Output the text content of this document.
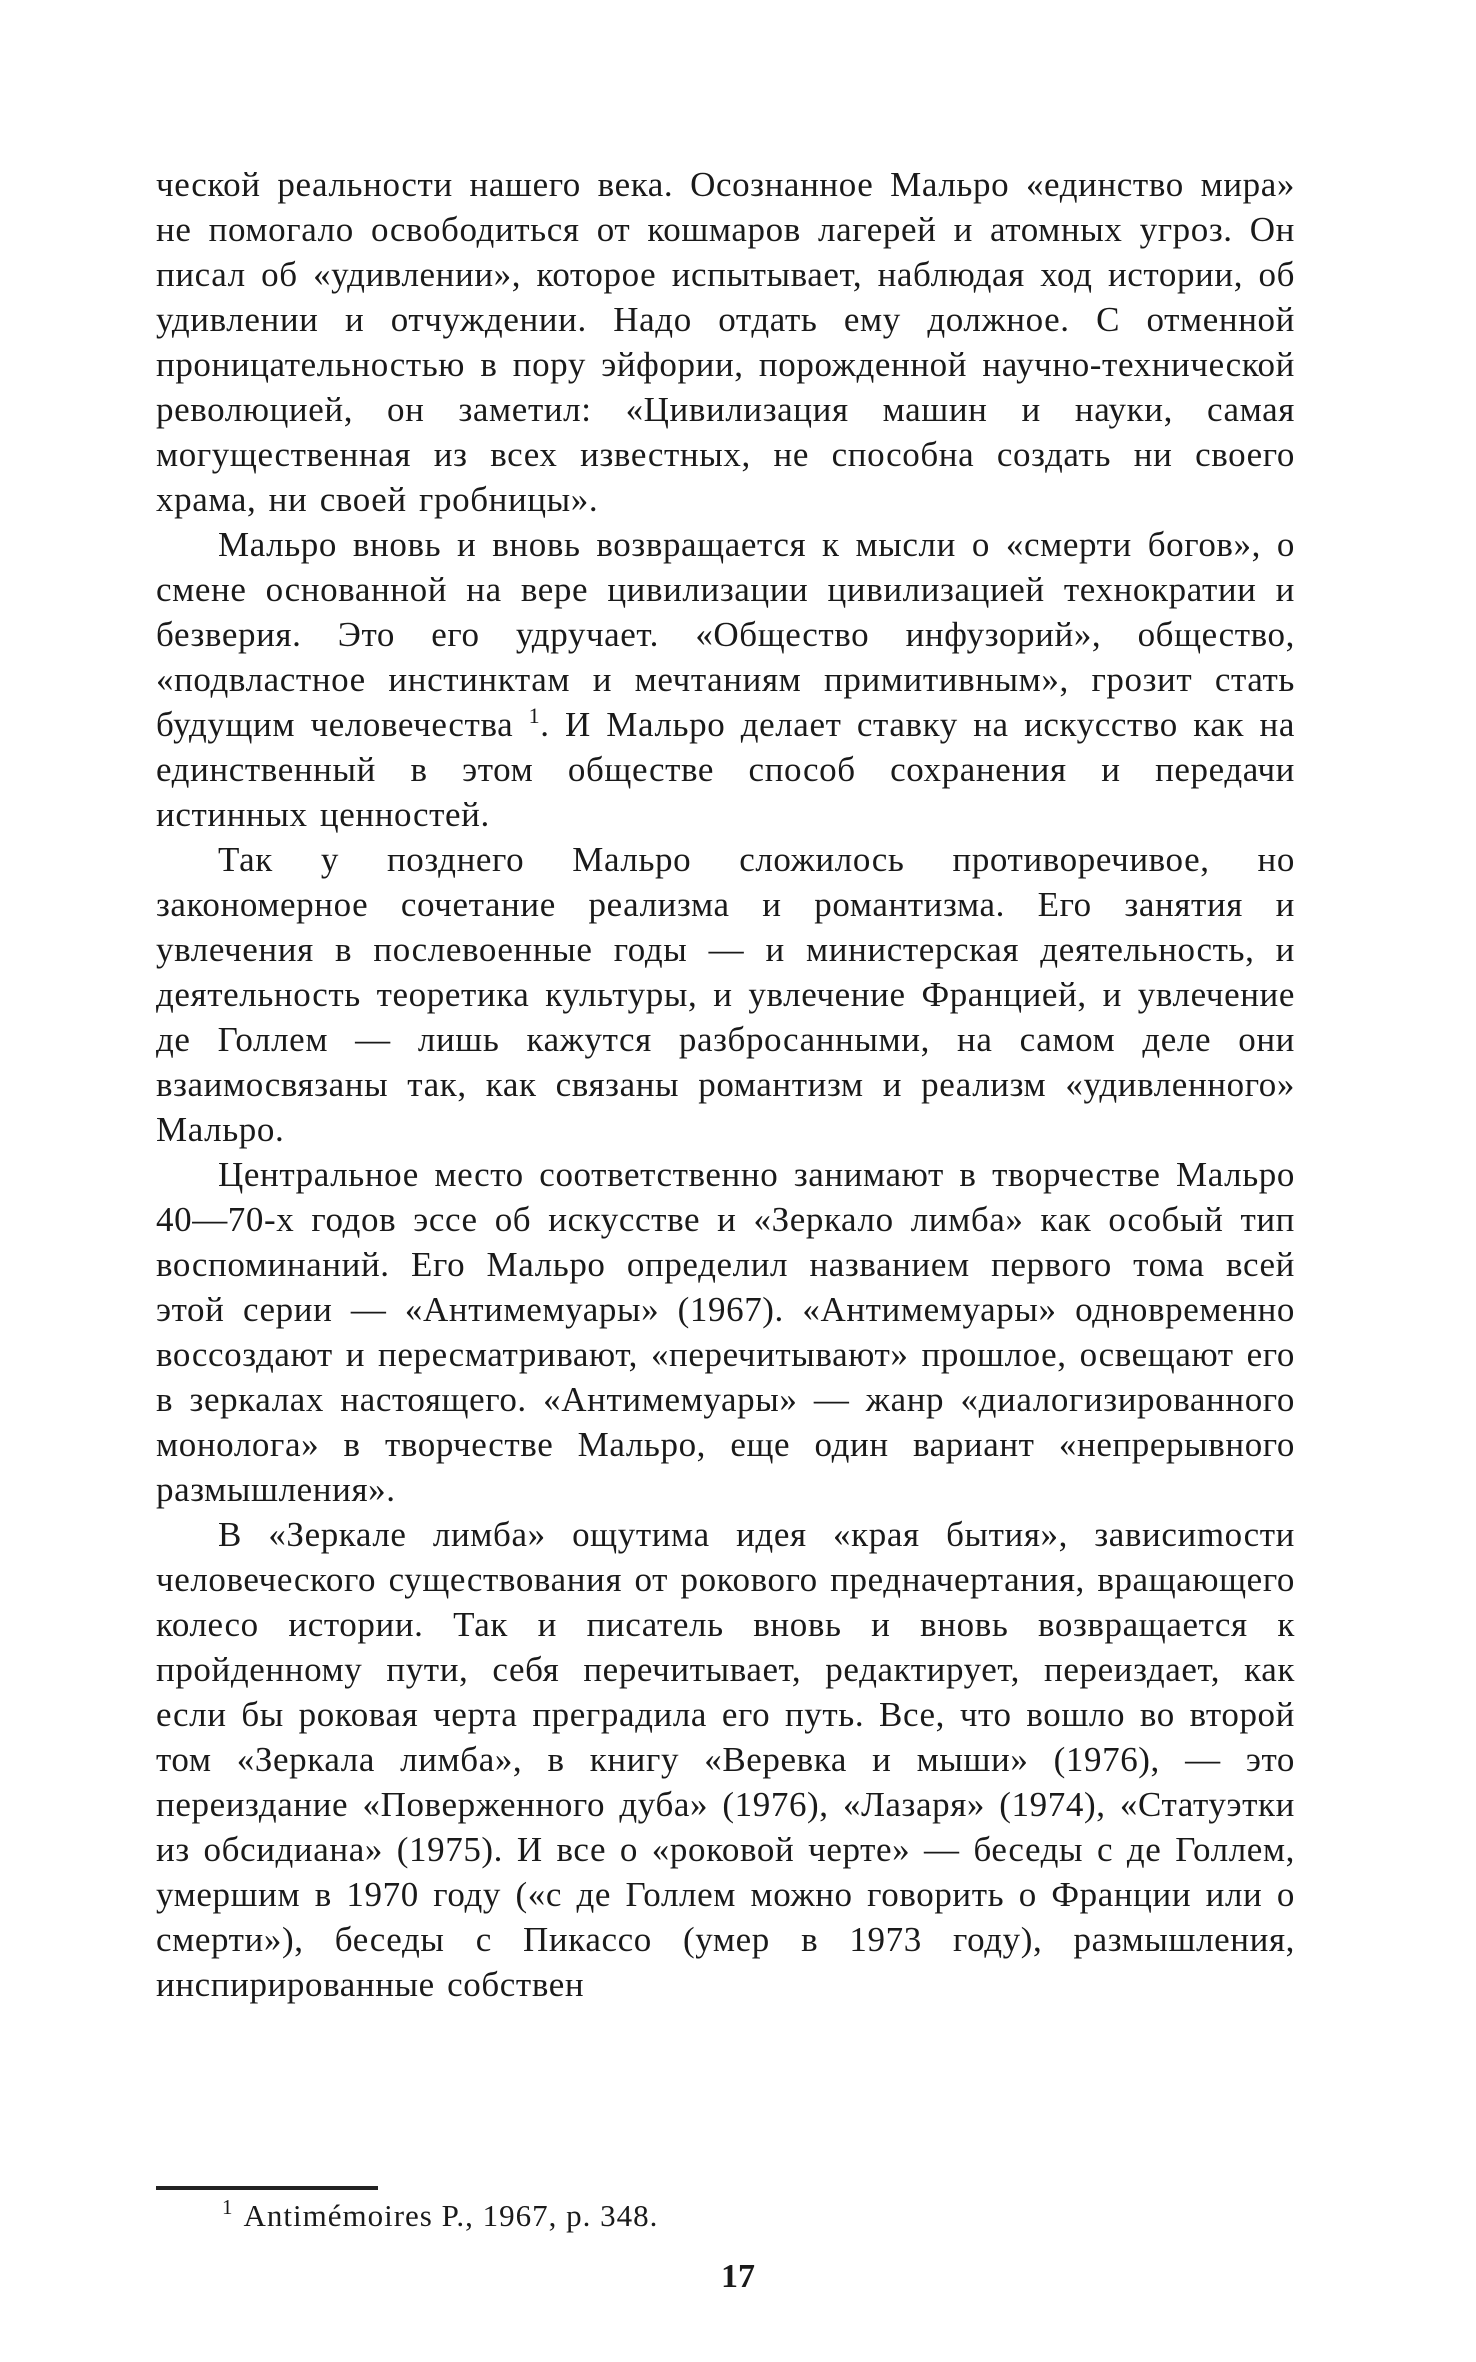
ческой реальности нашего века. Осознанное Мальро «единство мира» не помогало освободиться от кошмаров лагерей и атомных угроз. Он писал об «удивлении», которое испытывает, наблюдая ход истории, об удивлении и отчуждении. Надо отдать ему должное. С отменной проницательностью в пору эйфории, порожденной научно-технической революцией, он заметил: «Цивилизация машин и науки, самая могущественная из всех известных, не способна создать ни своего храма, ни своей гробницы».

Мальро вновь и вновь возвращается к мысли о «смерти богов», о смене основанной на вере цивилизации цивилизацией технократии и безверия. Это его удручает. «Общество инфузорий», общество, «подвластное инстинктам и мечтаниям примитивным», грозит стать будущим человечества $^1$. И Мальро делает ставку на искусство как на единственный в этом обществе способ сохранения и передачи истинных ценностей.

Так у позднего Мальро сложилось противоречивое, но закономерное сочетание реализма и романтизма. Его занятия и увлечения в послевоенные годы — и министерская деятельность, и деятельность теоретика культуры, и увлечение Францией, и увлечение де Голлем — лишь кажутся разбросанными, на самом деле они взаимосвязаны так, как связаны романтизм и реализм «удивленного» Мальро.

Центральное место соответственно занимают в творчестве Мальро 40—70-х годов эссе об искусстве и «Зеркало лимба» как особый тип воспоминаний. Его Мальро определил названием первого тома всей этой серии — «Антимемуары» (1967). «Антимемуары» одновременно воссоздают и пересматривают, «перечитывают» прошлое, освещают его в зеркалах настоящего. «Антимемуары» — жанр «диалогизированного монолога» в творчестве Мальро, еще один вариант «непрерывного размышления».

В «Зеркале лимба» ощутима идея «края бытия», зависиmости человеческого существования от рокового предначертания, вращающего колесо истории. Так и писатель вновь и вновь возвращается к пройденному пути, себя перечитывает, редактирует, переиздает, как если бы роковая черта преградила его путь. Все, что вошло во второй том «Зеркала лимба», в книгу «Веревка и мыши» (1976), — это переиздание «Поверженного дуба» (1976), «Лазаря» (1974), «Статуэтки из обсидиана» (1975). И все о «роковой черте» — беседы с де Голлем, умершим в 1970 году («с де Голлем можно говорить о Франции или о смерти»), беседы с Пикассо (умер в 1973 году), размышления, инспирированные собствен

$^1$ Antimémoires P., 1967, p. 348.
17
